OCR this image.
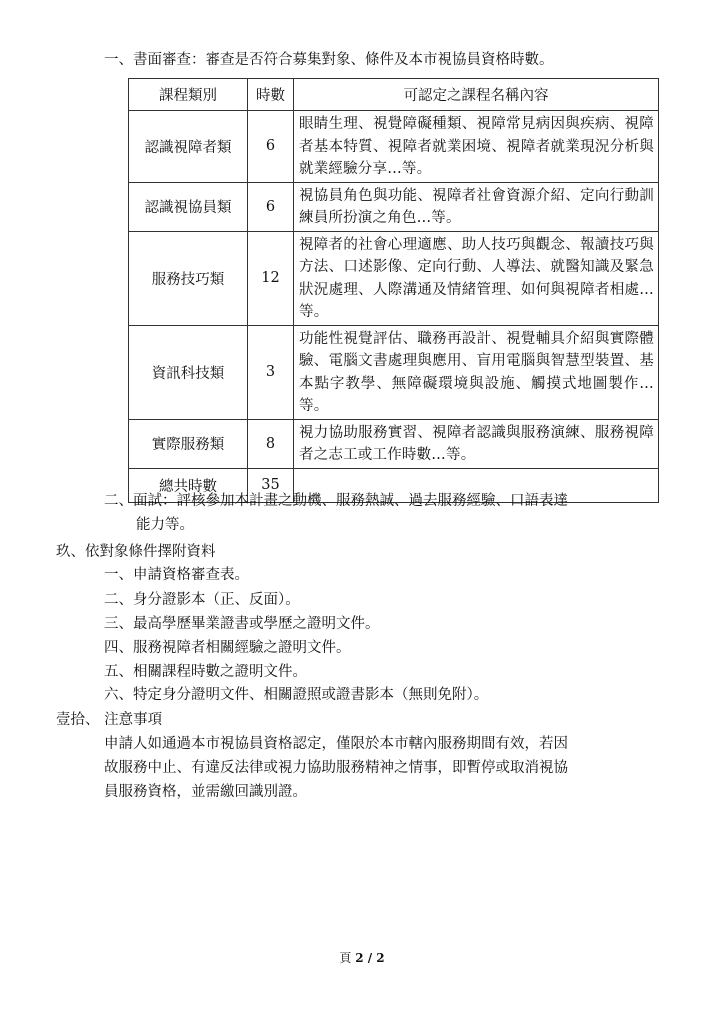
一、書面審查：審查是否符合募集對象、條件及本市視協員資格時數。
課程類別	時數	可認定之課程名稱內容
認識視障者類	6	眼睛生理、視覺障礙種類、視障常見病因與疾病、視障者基本特質、視障者就業困境、視障者就業現況分析與就業經驗分享…等。
認識視協員類	6	視協員角色與功能、視障者社會資源介紹、定向行動訓練員所扮演之角色…等。
服務技巧類	12	視障者的社會心理適應、助人技巧與觀念、報讀技巧與方法、口述影像、定向行動、人導法、就醫知識及緊急狀況處理、人際溝通及情緒管理、如何與視障者相處…等。
資訊科技類	3	功能性視覺評估、職務再設計、視覺輔具介紹與實際體驗、電腦文書處理與應用、盲用電腦與智慧型裝置、基本點字教學、無障礙環境與設施、觸摸式地圖製作…等。
實際服務類	8	視力協助服務實習、視障者認識與服務演練、服務視障者之志工或工作時數…等。
總共時數	35	
二、面試：評核參加本計畫之動機、服務熱誠、過去服務經驗、口語表達
能力等。
玖、依對象條件擇附資料
一、申請資格審查表。
二、身分證影本（正、反面）。
三、最高學歷畢業證書或學歷之證明文件。
四、服務視障者相關經驗之證明文件。
五、相關課程時數之證明文件。
六、特定身分證明文件、相關證照或證書影本（無則免附）。
壹拾、 注意事項
申請人如通過本市視協員資格認定，僅限於本市轄內服務期間有效，若因
故服務中止、有違反法律或視力協助服務精神之情事，即暫停或取消視協
員服務資格，並需繳回識別證。
頁 2 / 2
